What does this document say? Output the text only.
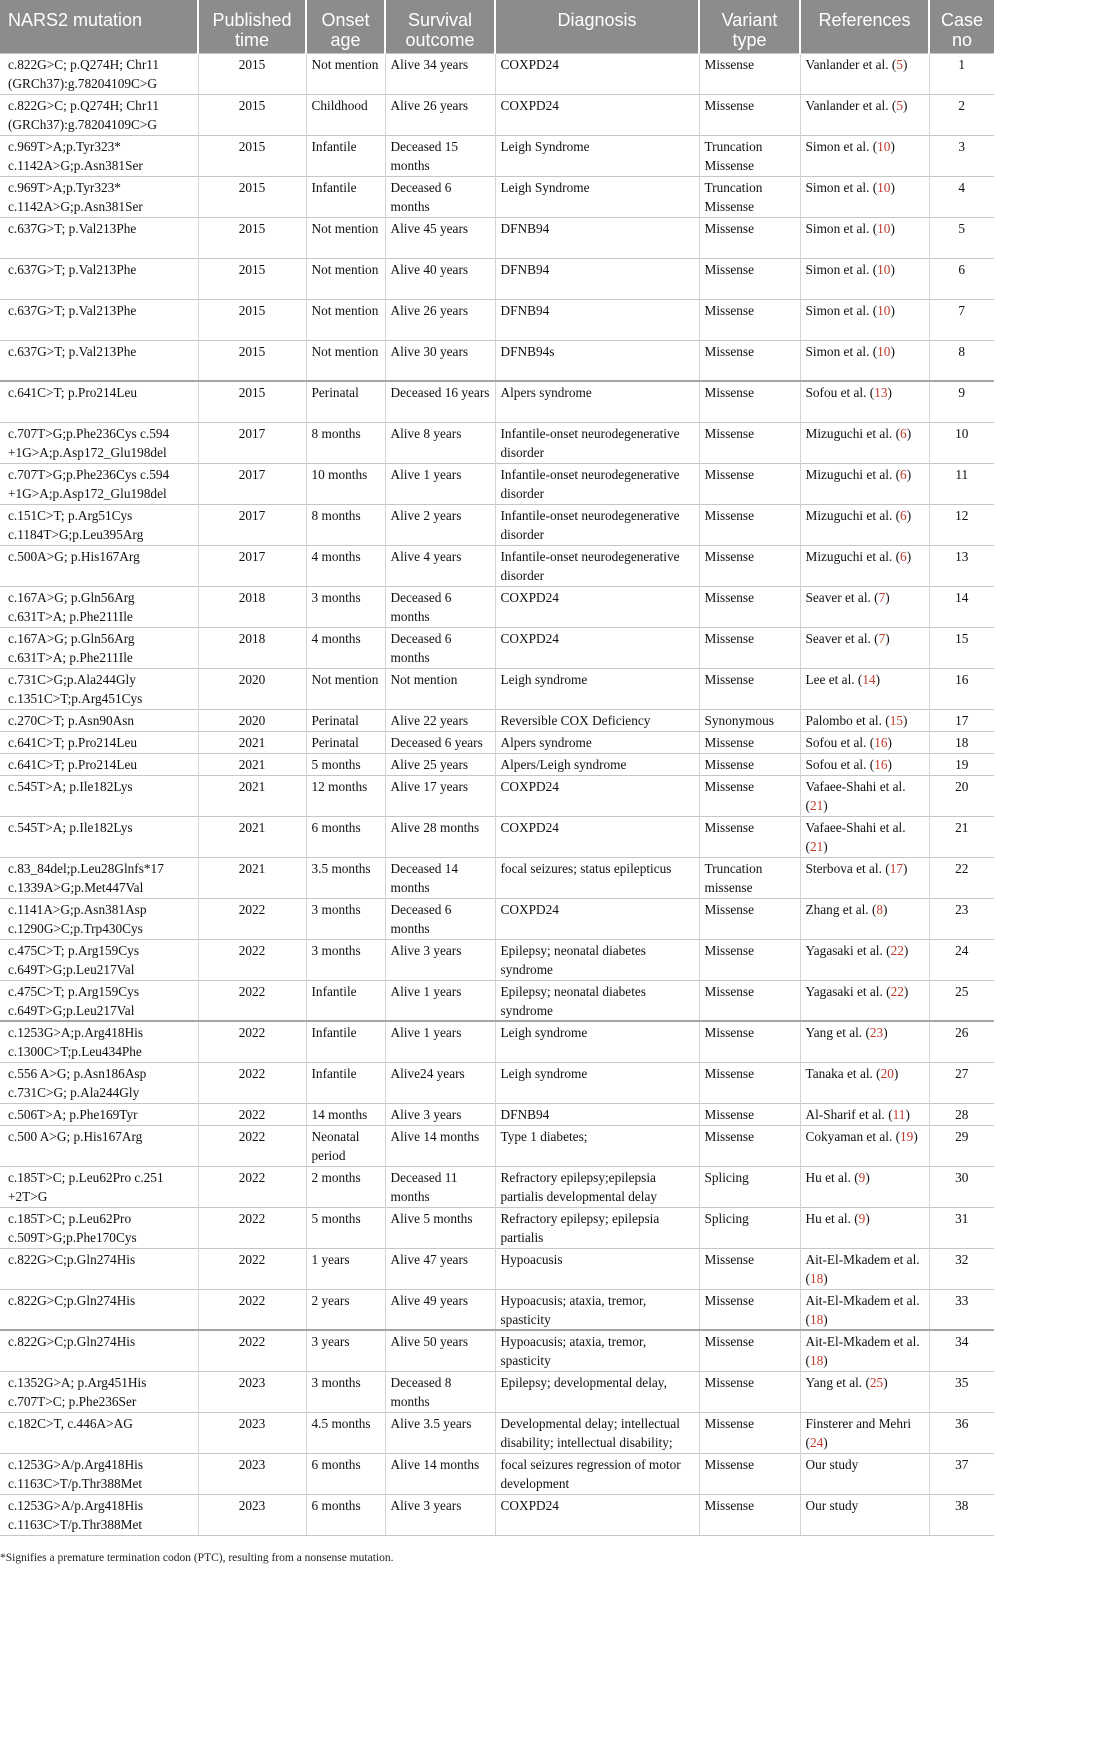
NARS2 mutation	Published time	Onset age	Survival outcome	Diagnosis	Variant type	References	Case no

c.822G>C; p.Q274H; Chr11
(GRCh37):g.78204109C>G	2015	Not mention	Alive 34 years	COXPD24	Missense	Vanlander et al. (5)	1

c.822G>C; p.Q274H; Chr11
(GRCh37):g.78204109C>G	2015	Childhood	Alive 26 years	COXPD24	Missense	Vanlander et al. (5)	2

c.969T>A;p.Tyr323*
c.1142A>G;p.Asn381Ser	2015	Infantile	Deceased 15 months	Leigh Syndrome	Truncation
Missense	Simon et al. (10)	3

c.969T>A;p.Tyr323*
c.1142A>G;p.Asn381Ser	2015	Infantile	Deceased 6 months	Leigh Syndrome	Truncation
Missense	Simon et al. (10)	4

c.637G>T; p.Val213Phe	2015	Not mention	Alive 45 years	DFNB94	Missense	Simon et al. (10)	5

c.637G>T; p.Val213Phe	2015	Not mention	Alive 40 years	DFNB94	Missense	Simon et al. (10)	6

c.637G>T; p.Val213Phe	2015	Not mention	Alive 26 years	DFNB94	Missense	Simon et al. (10)	7

c.637G>T; p.Val213Phe	2015	Not mention	Alive 30 years	DFNB94s	Missense	Simon et al. (10)	8

c.641C>T; p.Pro214Leu	2015	Perinatal	Deceased 16 years	Alpers syndrome	Missense	Sofou et al. (13)	9

c.707T>G;p.Phe236Cys c.594
+1G>A;p.Asp172_Glu198del	2017	8 months	Alive 8 years	Infantile-onset neurodegenerative disorder	Missense	Mizuguchi et al. (6)	10

c.707T>G;p.Phe236Cys c.594
+1G>A;p.Asp172_Glu198del	2017	10 months	Alive 1 years	Infantile-onset neurodegenerative disorder	Missense	Mizuguchi et al. (6)	11

c.151C>T; p.Arg51Cys
c.1184T>G;p.Leu395Arg	2017	8 months	Alive 2 years	Infantile-onset neurodegenerative disorder	Missense	Mizuguchi et al. (6)	12

c.500A>G; p.His167Arg	2017	4 months	Alive 4 years	Infantile-onset neurodegenerative disorder	Missense	Mizuguchi et al. (6)	13

c.167A>G; p.Gln56Arg
c.631T>A; p.Phe211Ile	2018	3 months	Deceased 6 months	COXPD24	Missense	Seaver et al. (7)	14

c.167A>G; p.Gln56Arg
c.631T>A; p.Phe211Ile	2018	4 months	Deceased 6 months	COXPD24	Missense	Seaver et al. (7)	15

c.731C>G;p.Ala244Gly
c.1351C>T;p.Arg451Cys	2020	Not mention	Not mention	Leigh syndrome	Missense	Lee et al. (14)	16

c.270C>T; p.Asn90Asn	2020	Perinatal	Alive 22 years	Reversible COX Deficiency	Synonymous	Palombo et al. (15)	17

c.641C>T; p.Pro214Leu	2021	Perinatal	Deceased 6 years	Alpers syndrome	Missense	Sofou et al. (16)	18

c.641C>T; p.Pro214Leu	2021	5 months	Alive 25 years	Alpers/Leigh syndrome	Missense	Sofou et al. (16)	19

c.545T>A; p.Ile182Lys	2021	12 months	Alive 17 years	COXPD24	Missense	Vafaee-Shahi et al. (21)	20

c.545T>A; p.Ile182Lys	2021	6 months	Alive 28 months	COXPD24	Missense	Vafaee-Shahi et al. (21)	21

c.83_84del;p.Leu28Glnfs*17
c.1339A>G;p.Met447Val	2021	3.5 months	Deceased 14 months	focal seizures; status epilepticus	Truncation
missense	Sterbova et al. (17)	22

c.1141A>G;p.Asn381Asp
c.1290G>C;p.Trp430Cys	2022	3 months	Deceased 6 months	COXPD24	Missense	Zhang et al. (8)	23

c.475C>T; p.Arg159Cys
c.649T>G;p.Leu217Val	2022	3 months	Alive 3 years	Epilepsy; neonatal diabetes syndrome	Missense	Yagasaki et al. (22)	24

c.475C>T; p.Arg159Cys
c.649T>G;p.Leu217Val	2022	Infantile	Alive 1 years	Epilepsy; neonatal diabetes syndrome	Missense	Yagasaki et al. (22)	25

c.1253G>A;p.Arg418His
c.1300C>T;p.Leu434Phe	2022	Infantile	Alive 1 years	Leigh syndrome	Missense	Yang et al. (23)	26

c.556 A>G; p.Asn186Asp
c.731C>G; p.Ala244Gly	2022	Infantile	Alive24 years	Leigh syndrome	Missense	Tanaka et al. (20)	27

c.506T>A; p.Phe169Tyr	2022	14 months	Alive 3 years	DFNB94	Missense	Al-Sharif et al. (11)	28

c.500 A>G; p.His167Arg	2022	Neonatal period	Alive 14 months	Type 1 diabetes;	Missense	Cokyaman et al. (19)	29

c.185T>C; p.Leu62Pro c.251
+2T>G	2022	2 months	Deceased 11 months	Refractory epilepsy;epilepsia partialis developmental delay	Splicing	Hu et al. (9)	30

c.185T>C; p.Leu62Pro
c.509T>G;p.Phe170Cys	2022	5 months	Alive 5 months	Refractory epilepsy; epilepsia partialis	Splicing	Hu et al. (9)	31

c.822G>C;p.Gln274His	2022	1 years	Alive 47 years	Hypoacusis	Missense	Ait-El-Mkadem et al. (18)	32

c.822G>C;p.Gln274His	2022	2 years	Alive 49 years	Hypoacusis; ataxia, tremor, spasticity	Missense	Ait-El-Mkadem et al. (18)	33

c.822G>C;p.Gln274His	2022	3 years	Alive 50 years	Hypoacusis; ataxia, tremor, spasticity	Missense	Ait-El-Mkadem et al. (18)	34

c.1352G>A; p.Arg451His
c.707T>C; p.Phe236Ser	2023	3 months	Deceased 8 months	Epilepsy; developmental delay,	Missense	Yang et al. (25)	35

c.182C>T, c.446A>AG	2023	4.5 months	Alive 3.5 years	Developmental delay; intellectual disability; intellectual disability;	Missense	Finsterer and Mehri (24)	36

c.1253G>A/p.Arg418His
c.1163C>T/p.Thr388Met	2023	6 months	Alive 14 months	focal seizures regression of motor development	Missense	Our study	37

c.1253G>A/p.Arg418His
c.1163C>T/p.Thr388Met	2023	6 months	Alive 3 years	COXPD24	Missense	Our study	38
*Signifies a premature termination codon (PTC), resulting from a nonsense mutation.
